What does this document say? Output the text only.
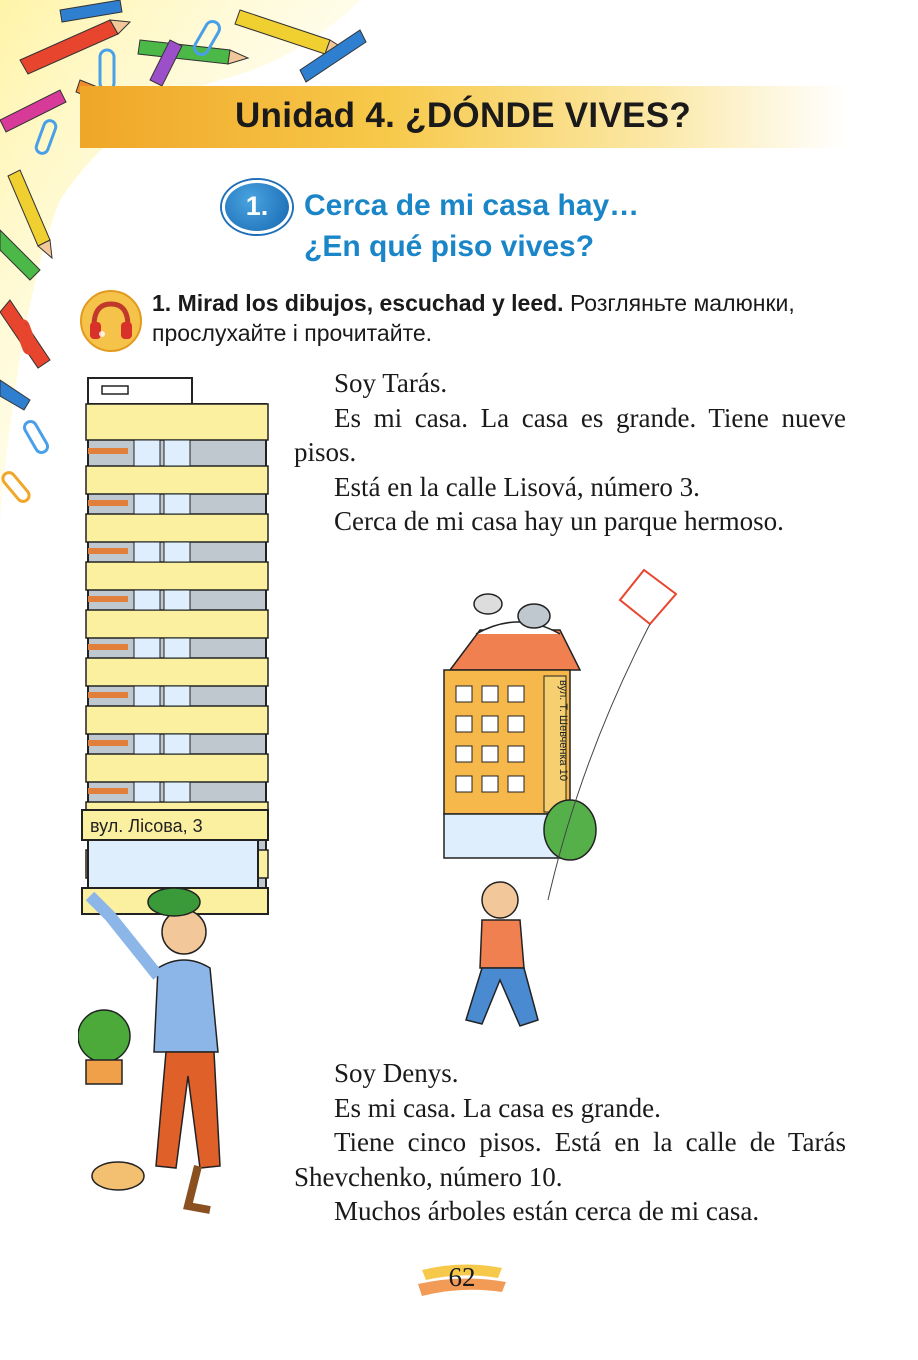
Unidad 4. ¿DÓNDE VIVES?
1.	Cerca de mi casa hay…
¿En qué piso vives?
1. Mirad los dibujos, escuchad y leed. Розгляньте малюнки, прослухайте і прочитайте.

Soy Tarás.

Es mi casa. La casa es grande. Tiene nueve pisos.

Está en la calle Lisová, número 3.

Cerca de mi casa hay un parque hermoso.

вул. Лісова, 3
вул. Т. Шевченка 10

Soy Denys.

Es mi casa. La casa es grande.

Tiene cinco pisos. Está en la calle de Tarás Shevchenko, número 10.

Muchos árboles están cerca de mi casa.

62
